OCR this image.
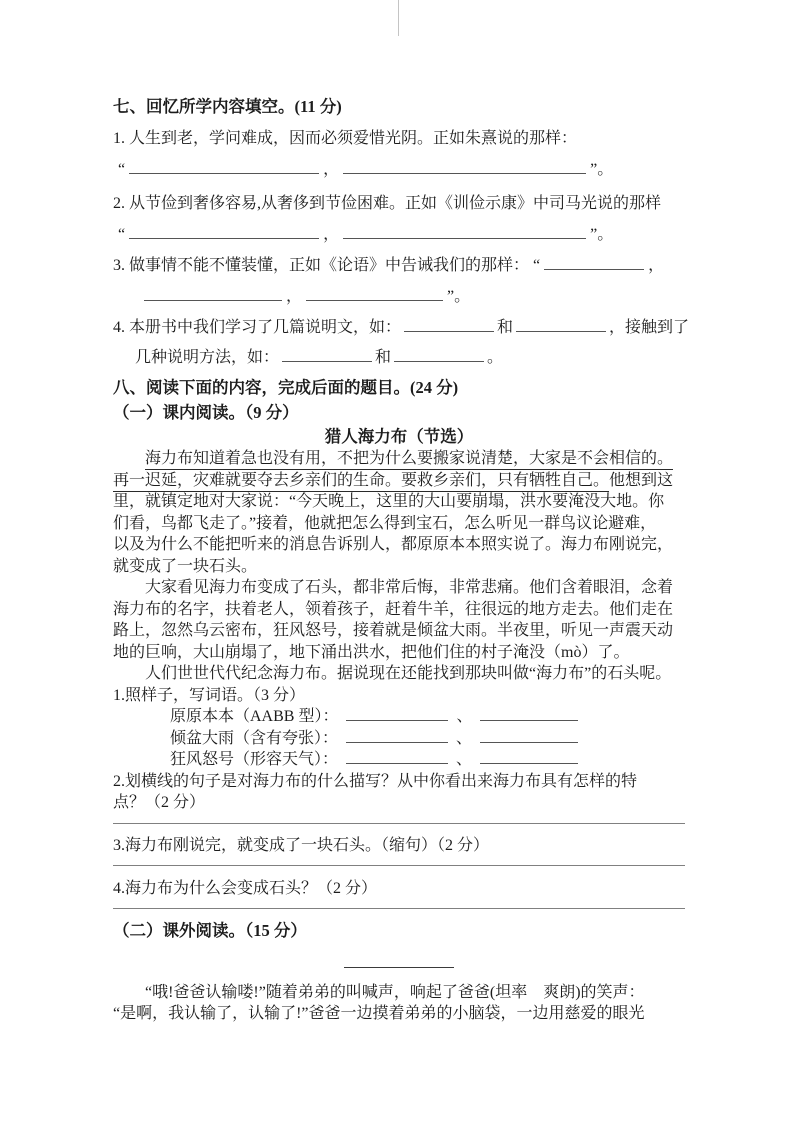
七、回忆所学内容填空。(11 分)
1. 人生到老，学问难成，因而必须爱惜光阴。正如朱熹说的那样：
“	，	”。
2. 从节俭到奢侈容易,从奢侈到节俭困难。正如《训俭示康》中司马光说的那样
“	，	”。
3. 做事情不能不懂装懂，正如《论语》中告诫我们的那样： “	，
，	”。
4. 本册书中我们学习了几篇说明文，如：	和	，接触到了
几种说明方法，如：	和	。
八、阅读下面的内容，完成后面的题目。(24 分)
（一）课内阅读。（9 分）
猎人海力布（节选）
海力布知道着急也没有用，不把为什么要搬家说清楚，大家是不会相信的。
再一迟延，灾难就要夺去乡亲们的生命。要救乡亲们，只有牺牲自己。他想到这
里，就镇定地对大家说：“今天晚上，这里的大山要崩塌，洪水要淹没大地。你
们看，鸟都飞走了。”接着，他就把怎么得到宝石，怎么听见一群鸟议论避难，
以及为什么不能把听来的消息告诉别人，都原原本本照实说了。海力布刚说完，
就变成了一块石头。
大家看见海力布变成了石头，都非常后悔，非常悲痛。他们含着眼泪，念着
海力布的名字，扶着老人，领着孩子，赶着牛羊，往很远的地方走去。他们走在
路上，忽然乌云密布，狂风怒号，接着就是倾盆大雨。半夜里，听见一声震天动
地的巨响，大山崩塌了，地下涌出洪水，把他们住的村子淹没（mò）了。
人们世世代代纪念海力布。据说现在还能找到那块叫做“海力布”的石头呢。
1.照样子，写词语。（3 分）
原原本本（AABB 型）：	、
倾盆大雨（含有夸张）：	、
狂风怒号（形容天气）：	、
2.划横线的句子是对海力布的什么描写？从中你看出来海力布具有怎样的特
点？（2 分）
3.海力布刚说完，就变成了一块石头。（缩句）（2 分）
4.海力布为什么会变成石头？（2 分）
（二）课外阅读。（15 分）
“哦!爸爸认输喽!”随着弟弟的叫喊声，响起了爸爸(坦率　爽朗)的笑声：
“是啊，我认输了，认输了!”爸爸一边摸着弟弟的小脑袋，一边用慈爱的眼光
